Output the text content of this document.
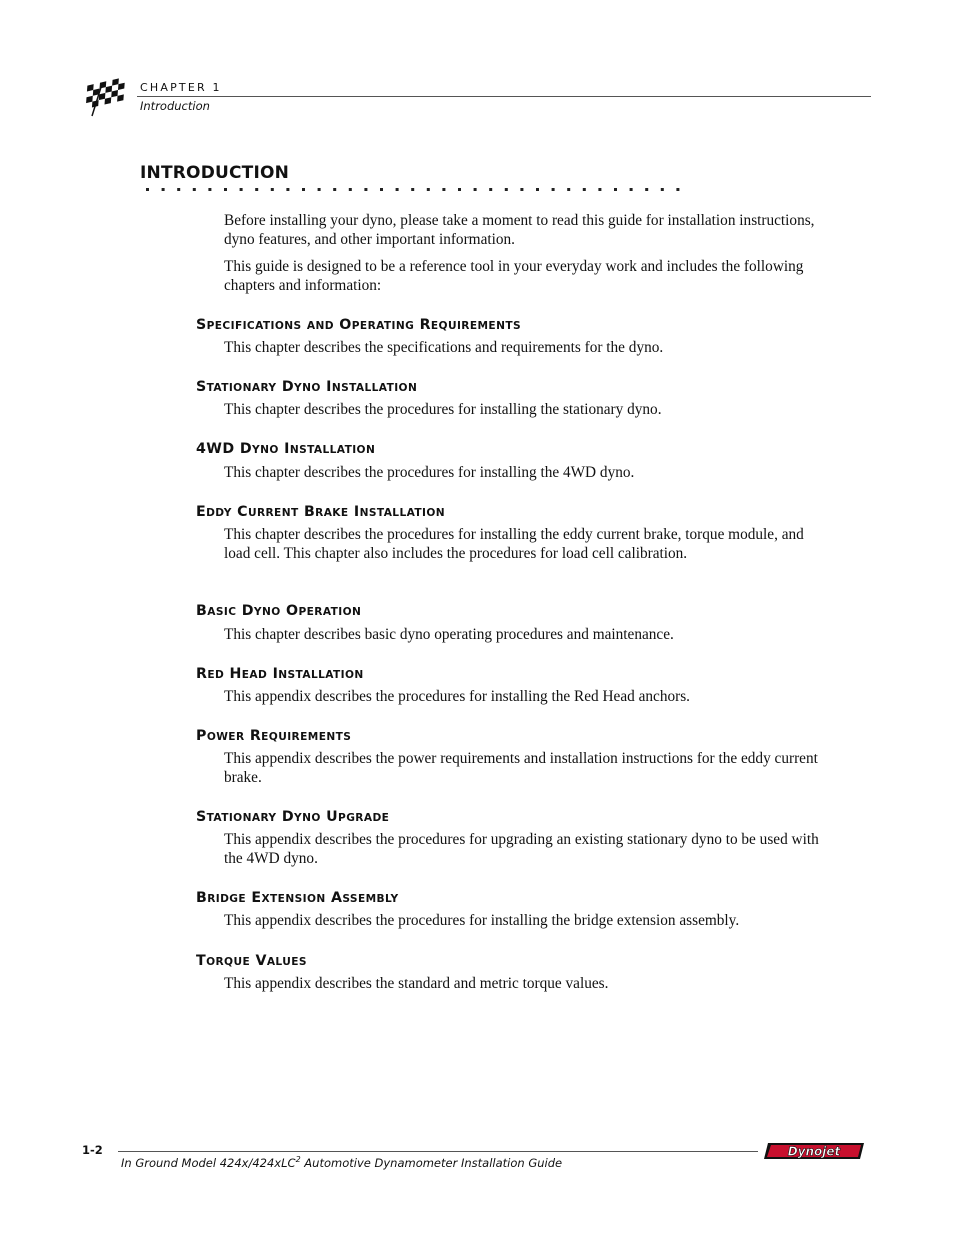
CHAPTER 1
Introduction
INTRODUCTION

Before installing your dyno, please take a moment to read this guide for installation instructions, dyno features, and other important information.

This guide is designed to be a reference tool in your everyday work and includes the following chapters and information:

SPECIFICATIONS AND OPERATING REQUIREMENTS
This chapter describes the specifications and requirements for the dyno.
STATIONARY DYNO INSTALLATION
This chapter describes the procedures for installing the stationary dyno.
4WD DYNO INSTALLATION
This chapter describes the procedures for installing the 4WD dyno.
EDDY CURRENT BRAKE INSTALLATION
This chapter describes the procedures for installing the eddy current brake, torque module, and load cell. This chapter also includes the procedures for load cell calibration.
BASIC DYNO OPERATION
This chapter describes basic dyno operating procedures and maintenance.
RED HEAD INSTALLATION
This appendix describes the procedures for installing the Red Head anchors.
POWER REQUIREMENTS
This appendix describes the power requirements and installation instructions for the eddy current brake.
STATIONARY DYNO UPGRADE
This appendix describes the procedures for upgrading an existing stationary dyno to be used with the 4WD dyno.
BRIDGE EXTENSION ASSEMBLY
This appendix describes the procedures for installing the bridge extension assembly.
TORQUE VALUES
This appendix describes the standard and metric torque values.
1-2
In Ground Model 424x/424xLC$^2$ Automotive Dynamometer Installation Guide
Dynojet
